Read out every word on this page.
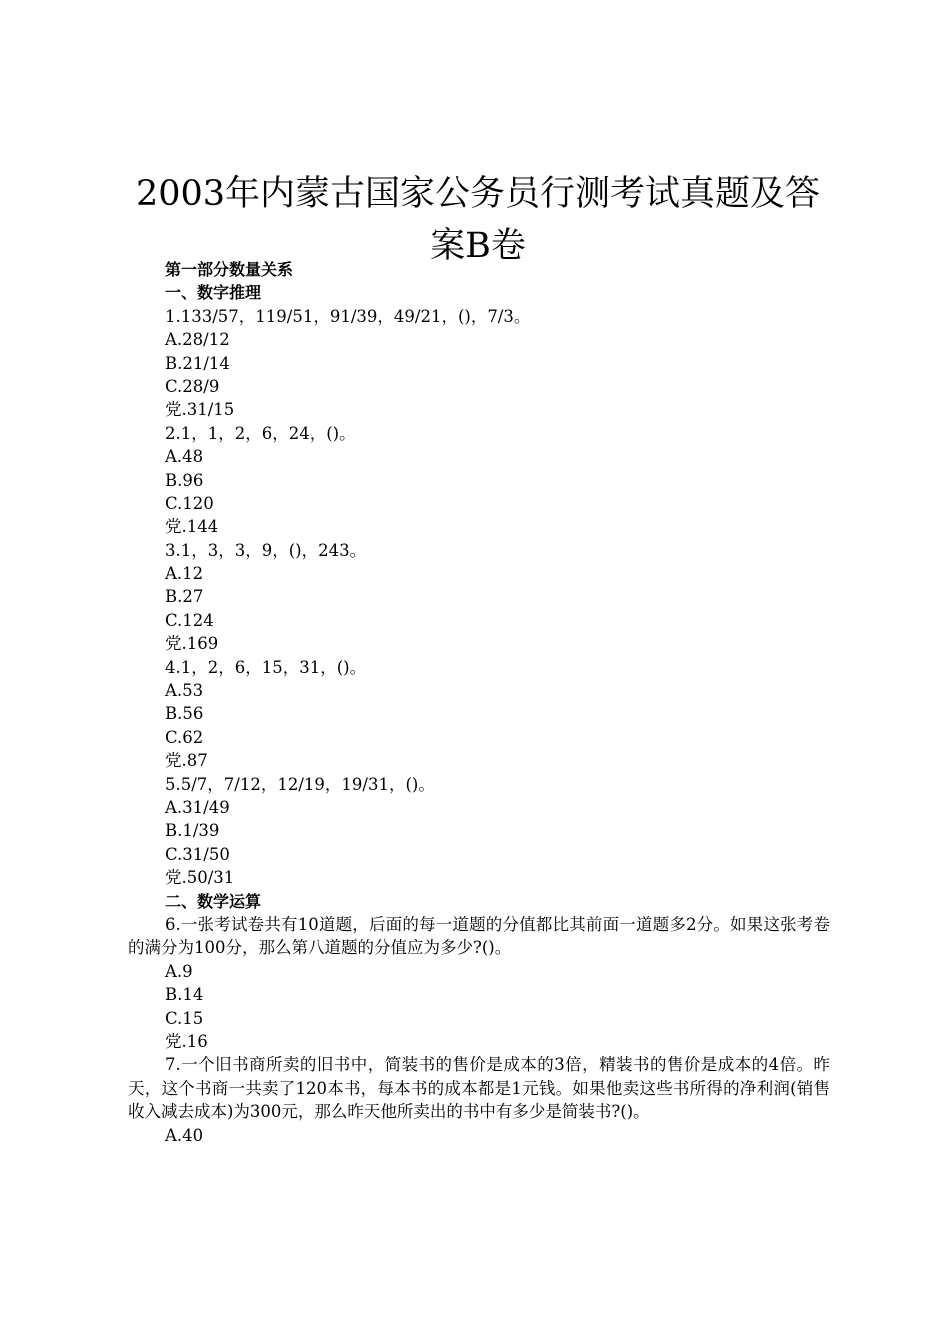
2003年内蒙古国家公务员行测考试真题及答
案B卷
第一部分数量关系
一、数字推理
1.133/57，119/51，91/39，49/21，()，7/3。
A.28/12
B.21/14
C.28/9
党.31/15
2.1，1，2，6，24，()。
A.48
B.96
C.120
党.144
3.1，3，3，9，()，243。
A.12
B.27
C.124
党.169
4.1，2，6，15，31，()。
A.53
B.56
C.62
党.87
5.5/7，7/12，12/19，19/31，()。
A.31/49
B.1/39
C.31/50
党.50/31
二、数学运算
6.一张考试卷共有10道题，后面的每一道题的分值都比其前面一道题多2分。如果这张考卷的满分为100分，那么第八道题的分值应为多少?()。
A.9
B.14
C.15
党.16
7.一个旧书商所卖的旧书中，简装书的售价是成本的3倍，精装书的售价是成本的4倍。昨天，这个书商一共卖了120本书，每本书的成本都是1元钱。如果他卖这些书所得的净利润(销售收入减去成本)为300元，那么昨天他所卖出的书中有多少是简装书?()。
A.40
